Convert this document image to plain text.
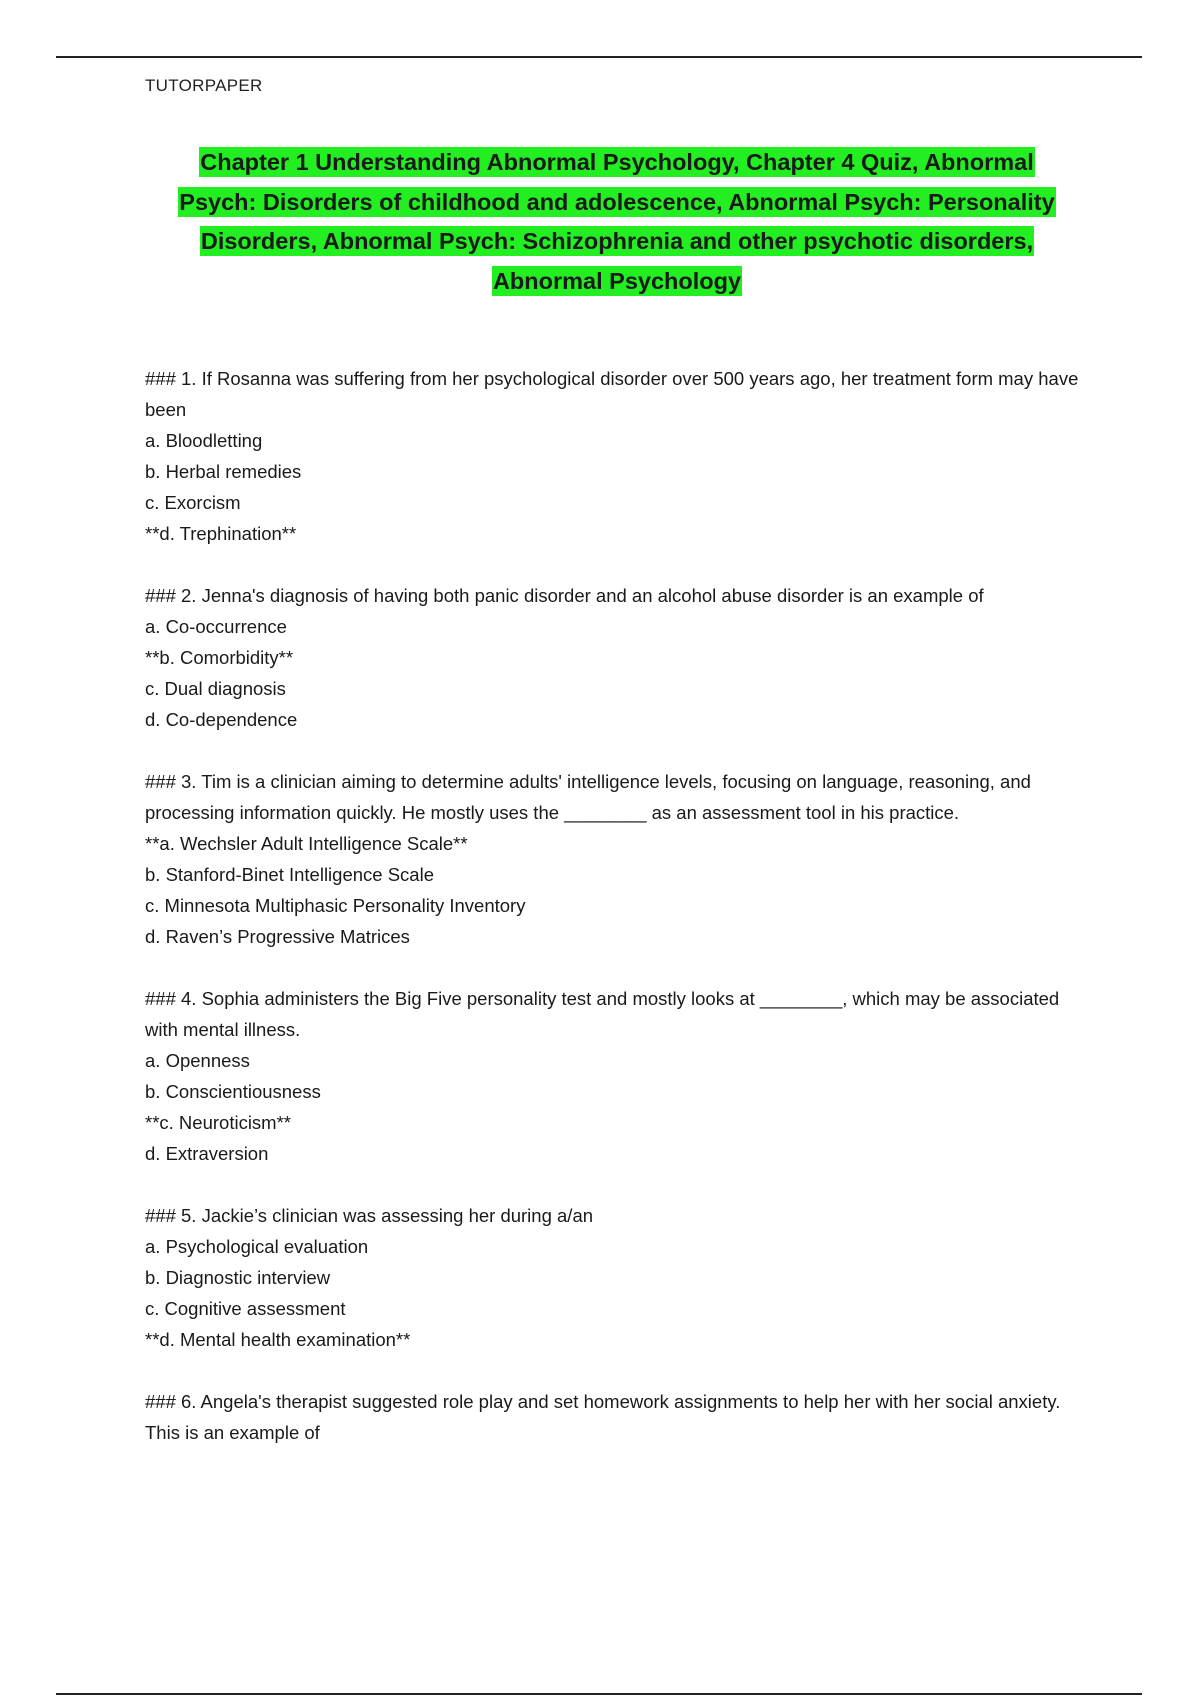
TUTORPAPER
Chapter 1 Understanding Abnormal Psychology, Chapter 4 Quiz, Abnormal
Psych: Disorders of childhood and adolescence, Abnormal Psych: Personality
Disorders, Abnormal Psych: Schizophrenia and other psychotic disorders,
Abnormal Psychology
### 1. If Rosanna was suffering from her psychological disorder over 500 years ago, her treatment form may have been
a. Bloodletting
b. Herbal remedies
c. Exorcism
**d. Trephination**
### 2. Jenna's diagnosis of having both panic disorder and an alcohol abuse disorder is an example of
a. Co-occurrence
**b. Comorbidity**
c. Dual diagnosis
d. Co-dependence
### 3. Tim is a clinician aiming to determine adults' intelligence levels, focusing on language, reasoning, and processing information quickly. He mostly uses the ________ as an assessment tool in his practice.
**a. Wechsler Adult Intelligence Scale**
b. Stanford-Binet Intelligence Scale
c. Minnesota Multiphasic Personality Inventory
d. Raven’s Progressive Matrices
### 4. Sophia administers the Big Five personality test and mostly looks at ________, which may be associated with mental illness.
a. Openness
b. Conscientiousness
**c. Neuroticism**
d. Extraversion
### 5. Jackie’s clinician was assessing her during a/an
a. Psychological evaluation
b. Diagnostic interview
c. Cognitive assessment
**d. Mental health examination**
### 6. Angela's therapist suggested role play and set homework assignments to help her with her social anxiety. This is an example of
